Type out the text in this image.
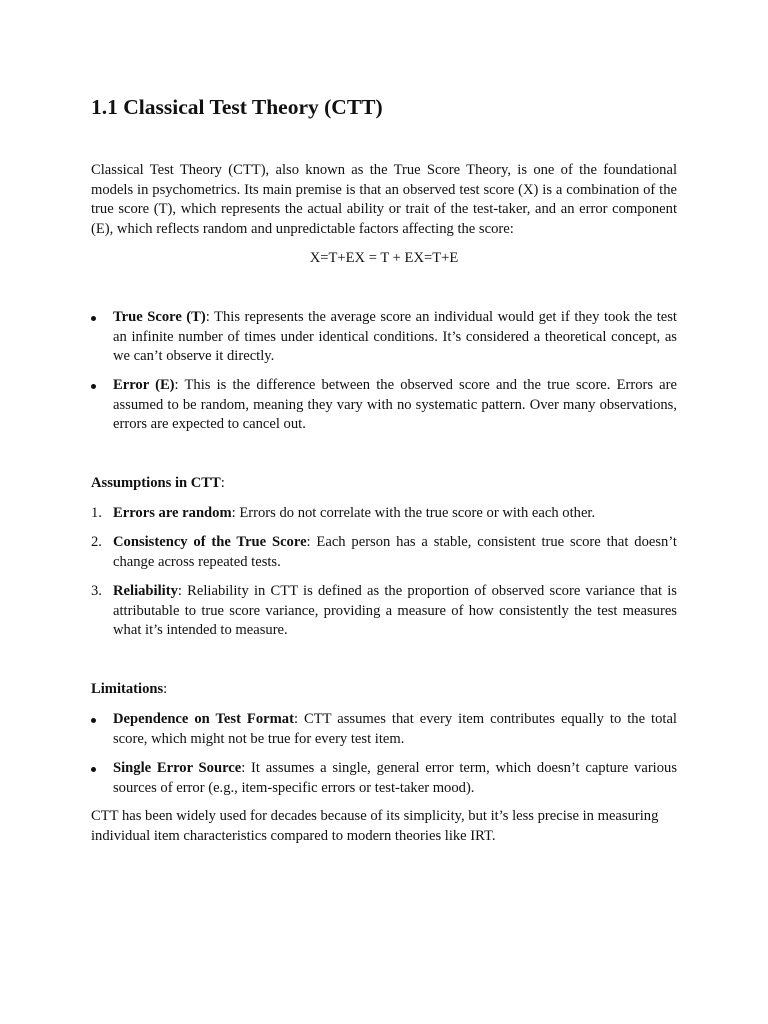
1.1 Classical Test Theory (CTT)

Classical Test Theory (CTT), also known as the True Score Theory, is one of the foundational models in psychometrics. Its main premise is that an observed test score (X) is a combination of the true score (T), which represents the actual ability or trait of the test-taker, and an error component (E), which reflects random and unpredictable factors affecting the score:

X=T+EX = T + EX=T+E
True Score (T): This represents the average score an individual would get if they took the test an infinite number of times under identical conditions. It’s considered a theoretical concept, as we can’t observe it directly.
Error (E): This is the difference between the observed score and the true score. Errors are assumed to be random, meaning they vary with no systematic pattern. Over many observations, errors are expected to cancel out.
Assumptions in CTT:
1. Errors are random: Errors do not correlate with the true score or with each other.
2. Consistency of the True Score: Each person has a stable, consistent true score that doesn’t change across repeated tests.
3. Reliability: Reliability in CTT is defined as the proportion of observed score variance that is attributable to true score variance, providing a measure of how consistently the test measures what it’s intended to measure.
Limitations:
Dependence on Test Format: CTT assumes that every item contributes equally to the total score, which might not be true for every test item.
Single Error Source: It assumes a single, general error term, which doesn’t capture various sources of error (e.g., item-specific errors or test-taker mood).

CTT has been widely used for decades because of its simplicity, but it’s less precise in measuring individual item characteristics compared to modern theories like IRT.
